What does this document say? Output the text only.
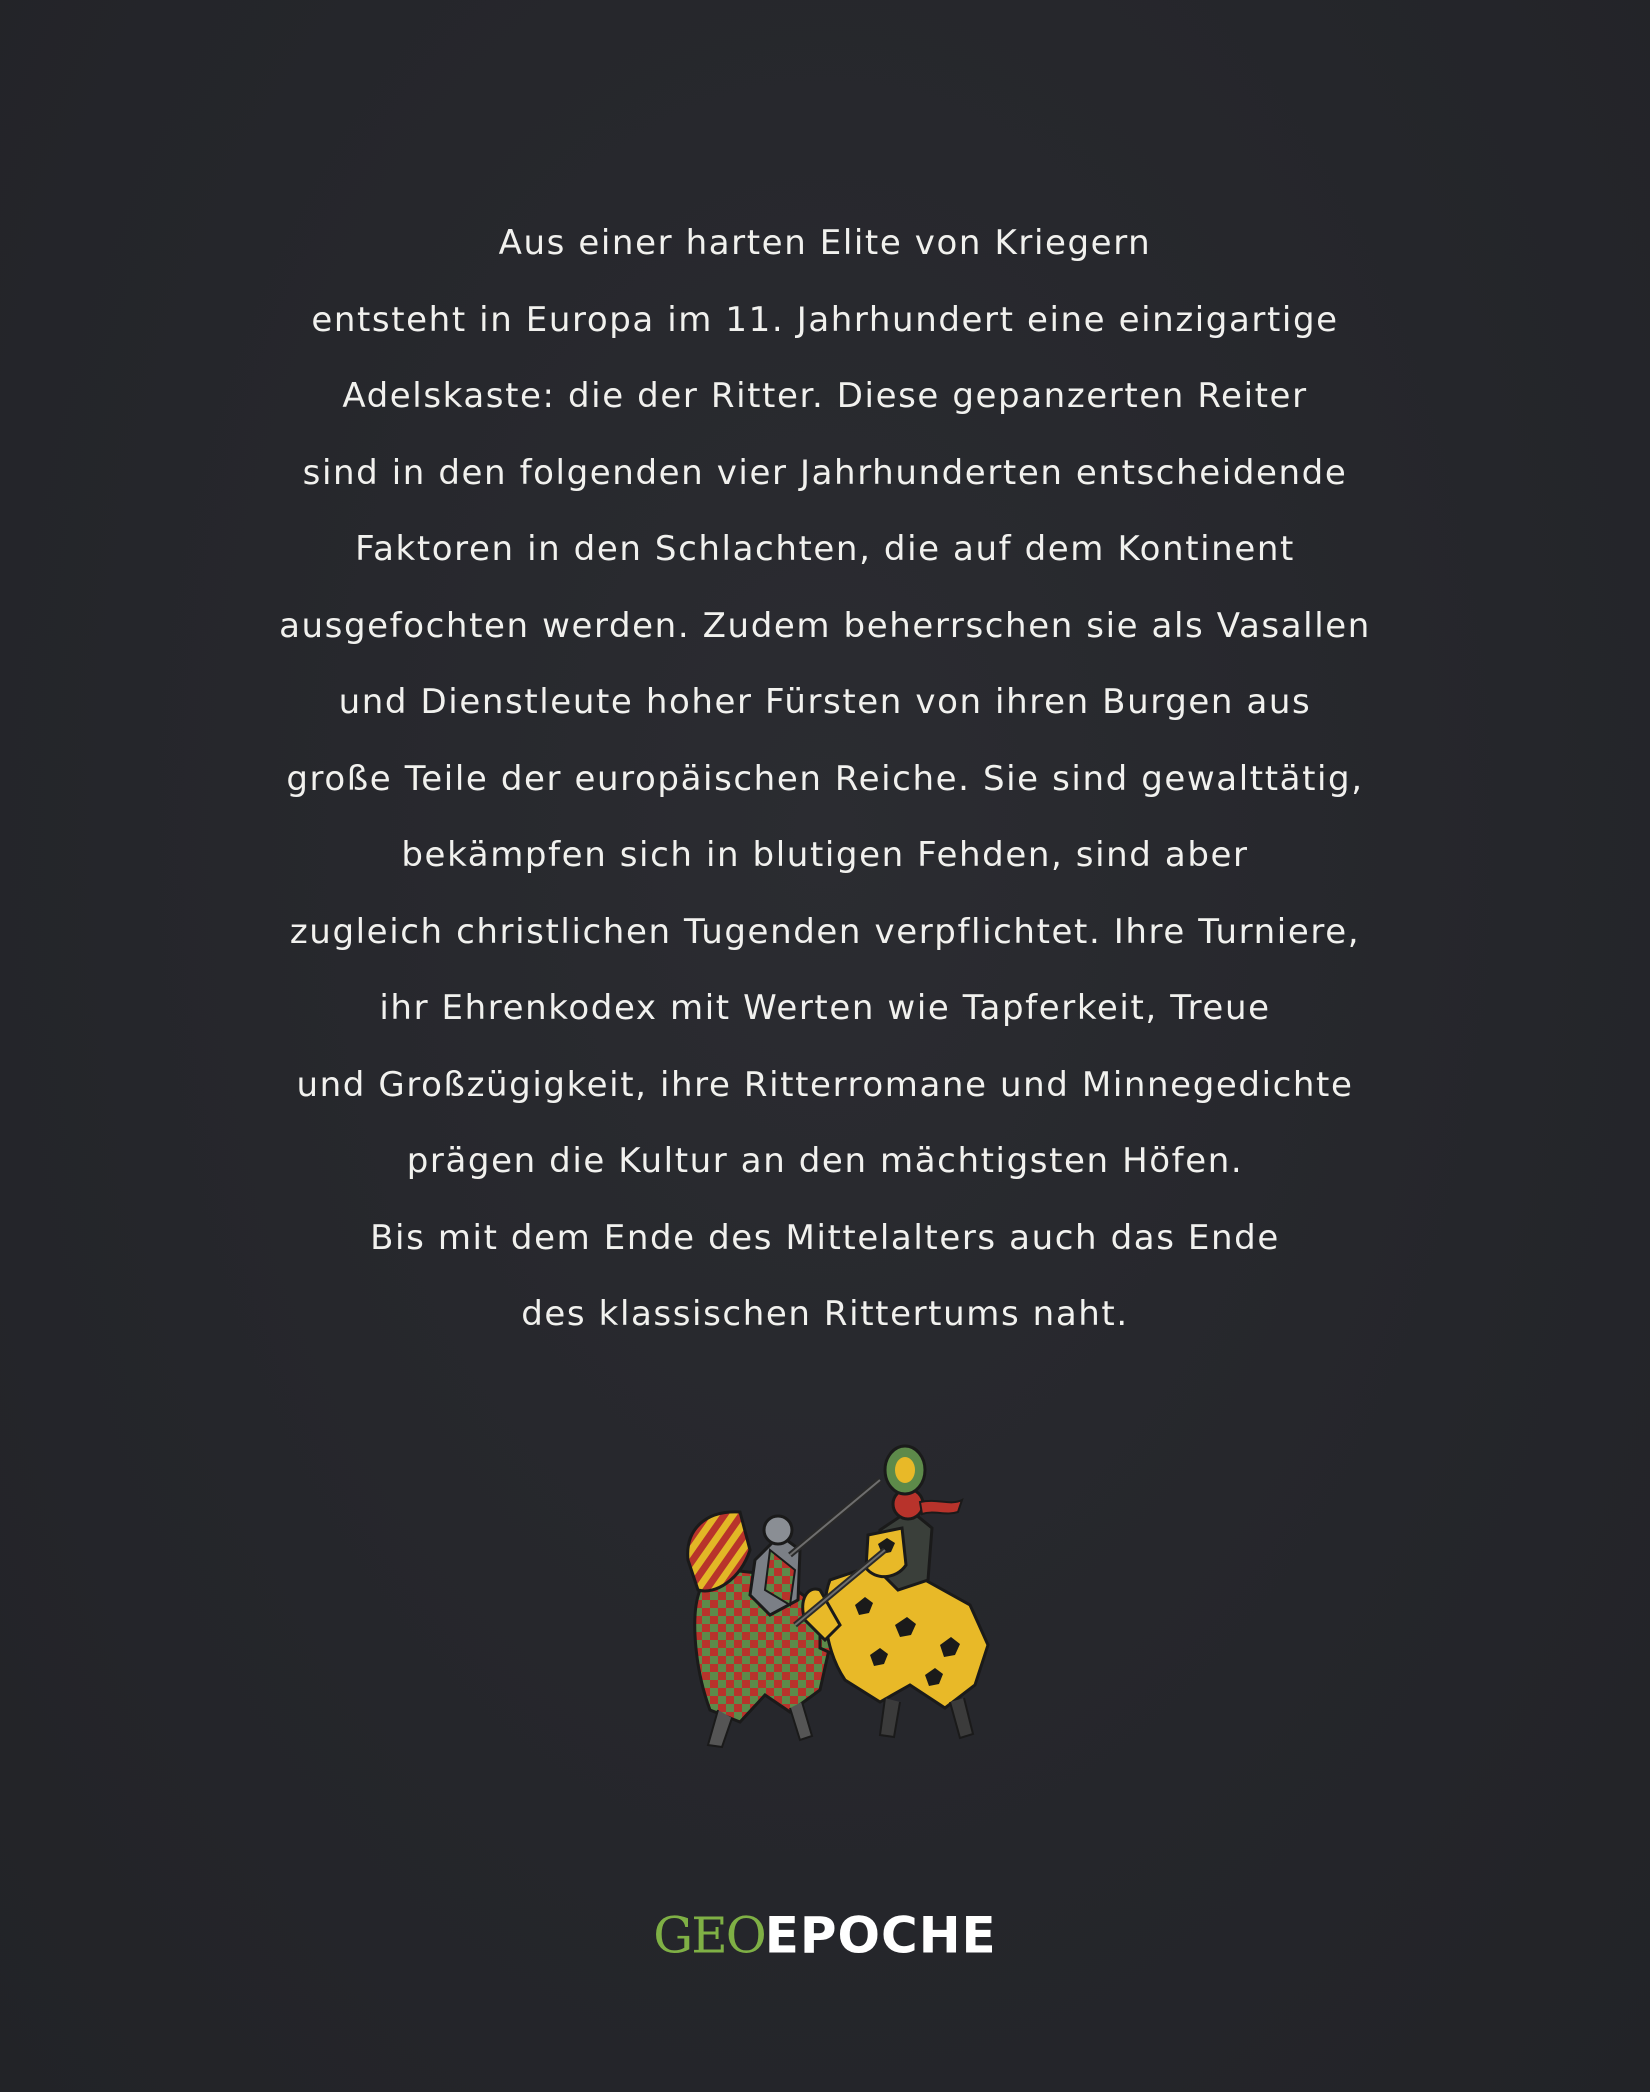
Aus einer harten Elite von Kriegern
entsteht in Europa im 11. Jahrhundert eine einzigartige
Adelskaste: die der Ritter. Diese gepanzerten Reiter
sind in den folgenden vier Jahrhunderten entscheidende
Faktoren in den Schlachten, die auf dem Kontinent
ausgefochten werden. Zudem beherrschen sie als Vasallen
und Dienstleute hoher Fürsten von ihren Burgen aus
große Teile der europäischen Reiche. Sie sind gewalttätig,
bekämpfen sich in blutigen Fehden, sind aber
zugleich christlichen Tugenden verpflichtet. Ihre Turniere,
ihr Ehrenkodex mit Werten wie Tapferkeit, Treue
und Großzügigkeit, ihre Ritterromane und Minnegedichte
prägen die Kultur an den mächtigsten Höfen.
Bis mit dem Ende des Mittelalters auch das Ende
des klassischen Rittertums naht.
GEOEPOCHE
